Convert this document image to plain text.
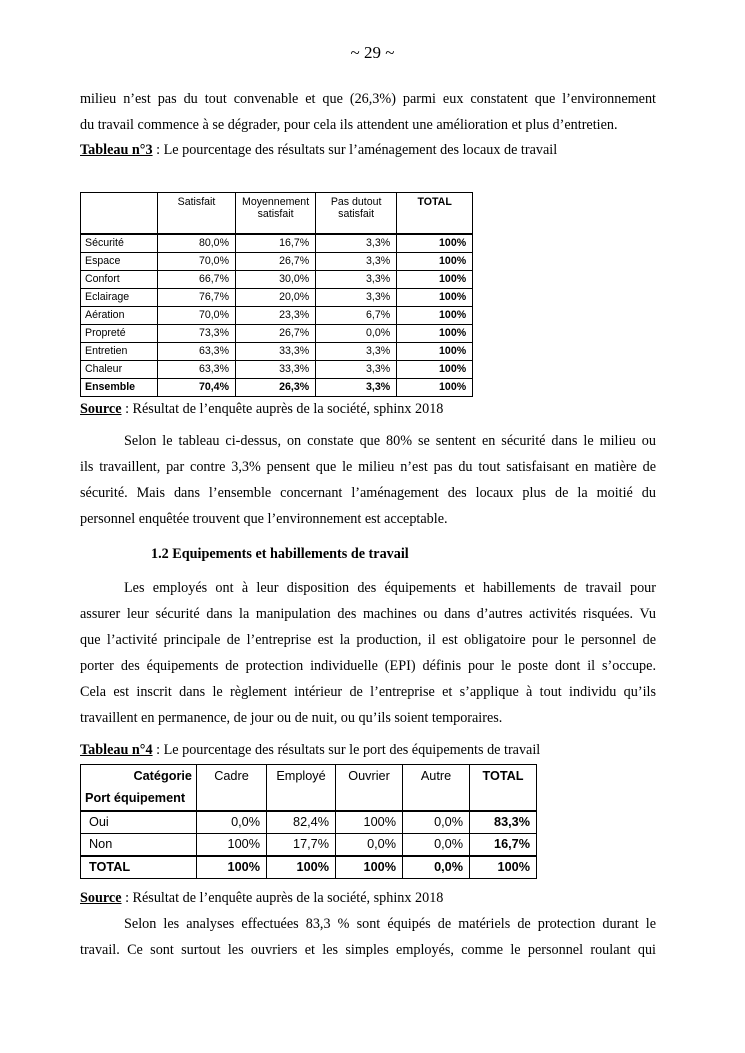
~ 29 ~
milieu n’est pas du tout convenable et que (26,3%) parmi eux constatent que l’environnement
du travail commence à se dégrader, pour cela ils attendent une amélioration et plus d’entretien.
Tableau n°3 : Le pourcentage des résultats sur l’aménagement des locaux de travail
	Satisfait	Moyennement satisfait	Pas dutout satisfait	TOTAL
Sécurité	80,0%	16,7%	3,3%	100%
Espace	70,0%	26,7%	3,3%	100%
Confort	66,7%	30,0%	3,3%	100%
Eclairage	76,7%	20,0%	3,3%	100%
Aération	70,0%	23,3%	6,7%	100%
Propreté	73,3%	26,7%	0,0%	100%
Entretien	63,3%	33,3%	3,3%	100%
Chaleur	63,3%	33,3%	3,3%	100%
Ensemble	70,4%	26,3%	3,3%	100%
Source : Résultat de l’enquête auprès de la société, sphinx 2018
Selon le tableau ci-dessus, on constate que 80% se sentent en sécurité dans le milieu ou
ils travaillent, par contre 3,3% pensent que le milieu n’est pas du tout satisfaisant en matière de
sécurité. Mais dans l’ensemble concernant l’aménagement des locaux plus de la moitié du
personnel enquêtée trouvent que l’environnement est acceptable.
1.2 Equipements et habillements de travail
Les employés ont à leur disposition des équipements et habillements de travail pour
assurer leur sécurité dans la manipulation des machines ou dans d’autres activités risquées. Vu
que l’activité principale de l’entreprise est la production, il est obligatoire pour le personnel de
porter des équipements de protection individuelle (EPI) définis pour le poste dont il s’occupe.
Cela est inscrit dans le règlement intérieur de l’entreprise et s’applique à tout individu qu’ils
travaillent en permanence, de jour ou de nuit, ou qu’ils soient temporaires.
Tableau n°4 : Le pourcentage des résultats sur le port des équipements de travail
Catégorie
Port équipement	Cadre	Employé	Ouvrier	Autre	TOTAL
Oui	0,0%	82,4%	100%	0,0%	83,3%
Non	100%	17,7%	0,0%	0,0%	16,7%
TOTAL	100%	100%	100%	0,0%	100%
Source : Résultat de l’enquête auprès de la société, sphinx 2018
Selon les analyses effectuées 83,3 % sont équipés de matériels de protection durant le
travail. Ce sont surtout les ouvriers et les simples employés, comme le personnel roulant qui
